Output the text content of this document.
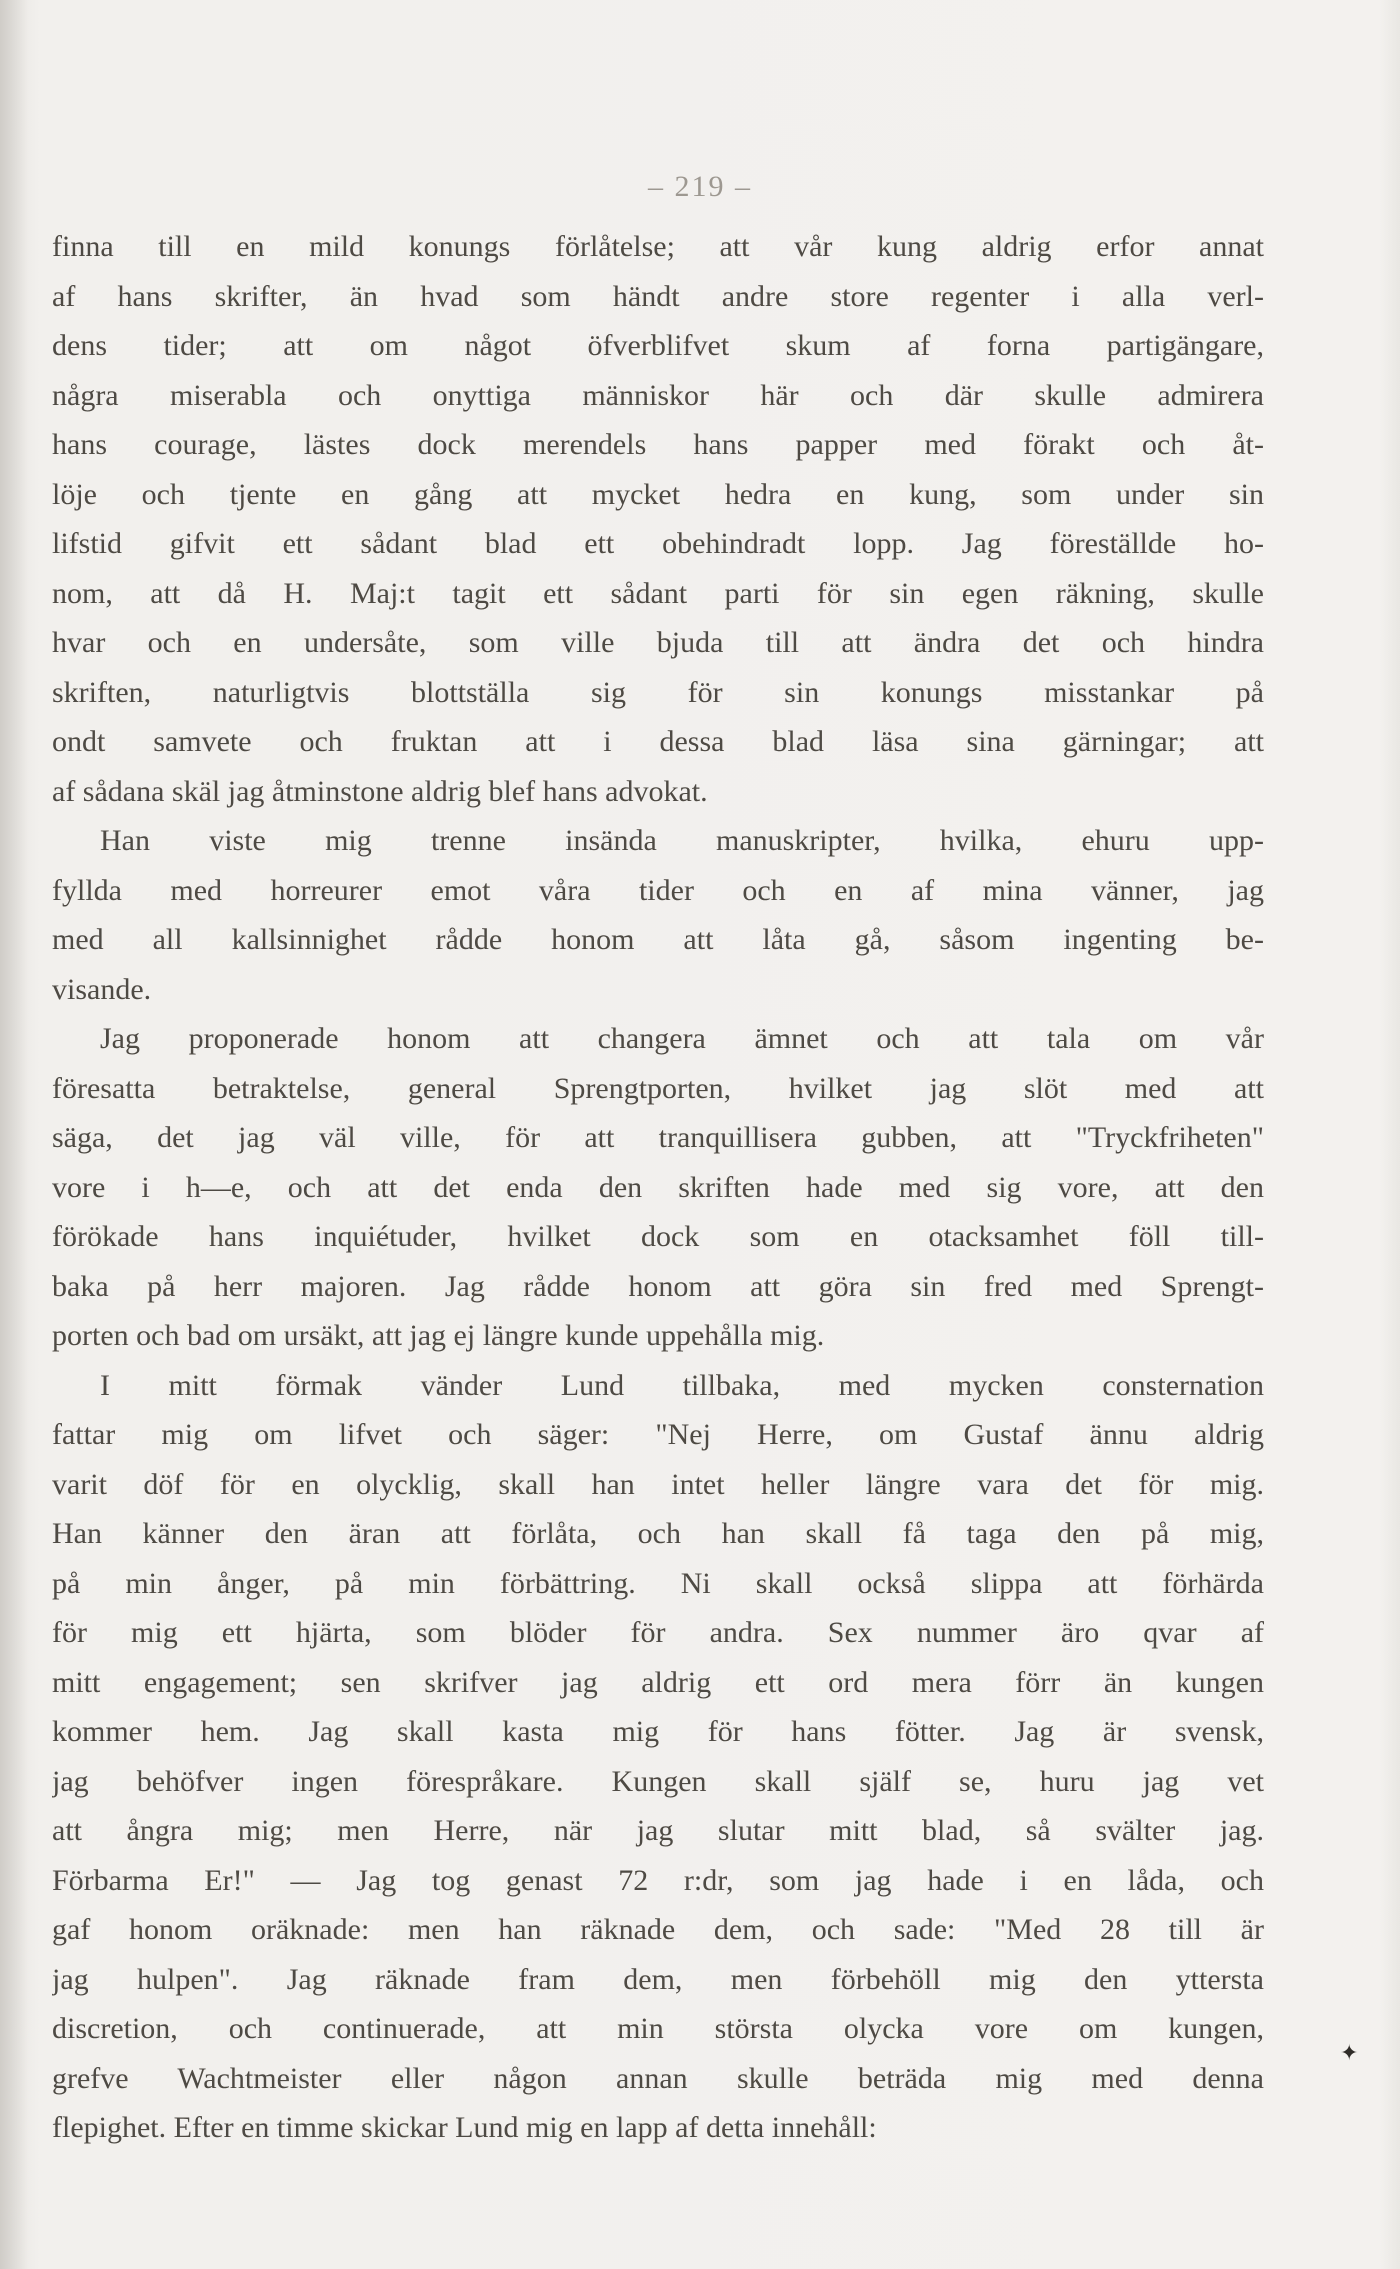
– 219 –
finna till en mild konungs förlåtelse; att vår kung aldrig erfor annat
af hans skrifter, än hvad som händt andre store regenter i alla verl-
dens tider; att om något öfverblifvet skum af forna partigängare,
några miserabla och onyttiga människor här och där skulle admirera
hans courage, lästes dock merendels hans papper med förakt och åt-
löje och tjente en gång att mycket hedra en kung, som under sin
lifstid gifvit ett sådant blad ett obehindradt lopp. Jag föreställde ho-
nom, att då H. Maj:t tagit ett sådant parti för sin egen räkning, skulle
hvar och en undersåte, som ville bjuda till att ändra det och hindra
skriften, naturligtvis blottställa sig för sin konungs misstankar på
ondt samvete och fruktan att i dessa blad läsa sina gärningar; att
af sådana skäl jag åtminstone aldrig blef hans advokat.
Han viste mig trenne insända manuskripter, hvilka, ehuru upp-
fyllda med horreurer emot våra tider och en af mina vänner, jag
med all kallsinnighet rådde honom att låta gå, såsom ingenting be-
visande.
Jag proponerade honom att changera ämnet och att tala om vår
föresatta betraktelse, general Sprengtporten, hvilket jag slöt med att
säga, det jag väl ville, för att tranquillisera gubben, att "Tryckfriheten"
vore i h—e, och att det enda den skriften hade med sig vore, att den
förökade hans inquiétuder, hvilket dock som en otacksamhet föll till-
baka på herr majoren. Jag rådde honom att göra sin fred med Sprengt-
porten och bad om ursäkt, att jag ej längre kunde uppehålla mig.
I mitt förmak vänder Lund tillbaka, med mycken consternation
fattar mig om lifvet och säger: "Nej Herre, om Gustaf ännu aldrig
varit döf för en olycklig, skall han intet heller längre vara det för mig.
Han känner den äran att förlåta, och han skall få taga den på mig,
på min ånger, på min förbättring. Ni skall också slippa att förhärda
för mig ett hjärta, som blöder för andra. Sex nummer äro qvar af
mitt engagement; sen skrifver jag aldrig ett ord mera förr än kungen
kommer hem. Jag skall kasta mig för hans fötter. Jag är svensk,
jag behöfver ingen förespråkare. Kungen skall själf se, huru jag vet
att ångra mig; men Herre, när jag slutar mitt blad, så svälter jag.
Förbarma Er!" — Jag tog genast 72 r:dr, som jag hade i en låda, och
gaf honom oräknade: men han räknade dem, och sade: "Med 28 till är
jag hulpen". Jag räknade fram dem, men förbehöll mig den yttersta
discretion, och continuerade, att min största olycka vore om kungen,
grefve Wachtmeister eller någon annan skulle beträda mig med denna
flepighet. Efter en timme skickar Lund mig en lapp af detta innehåll:
✦
